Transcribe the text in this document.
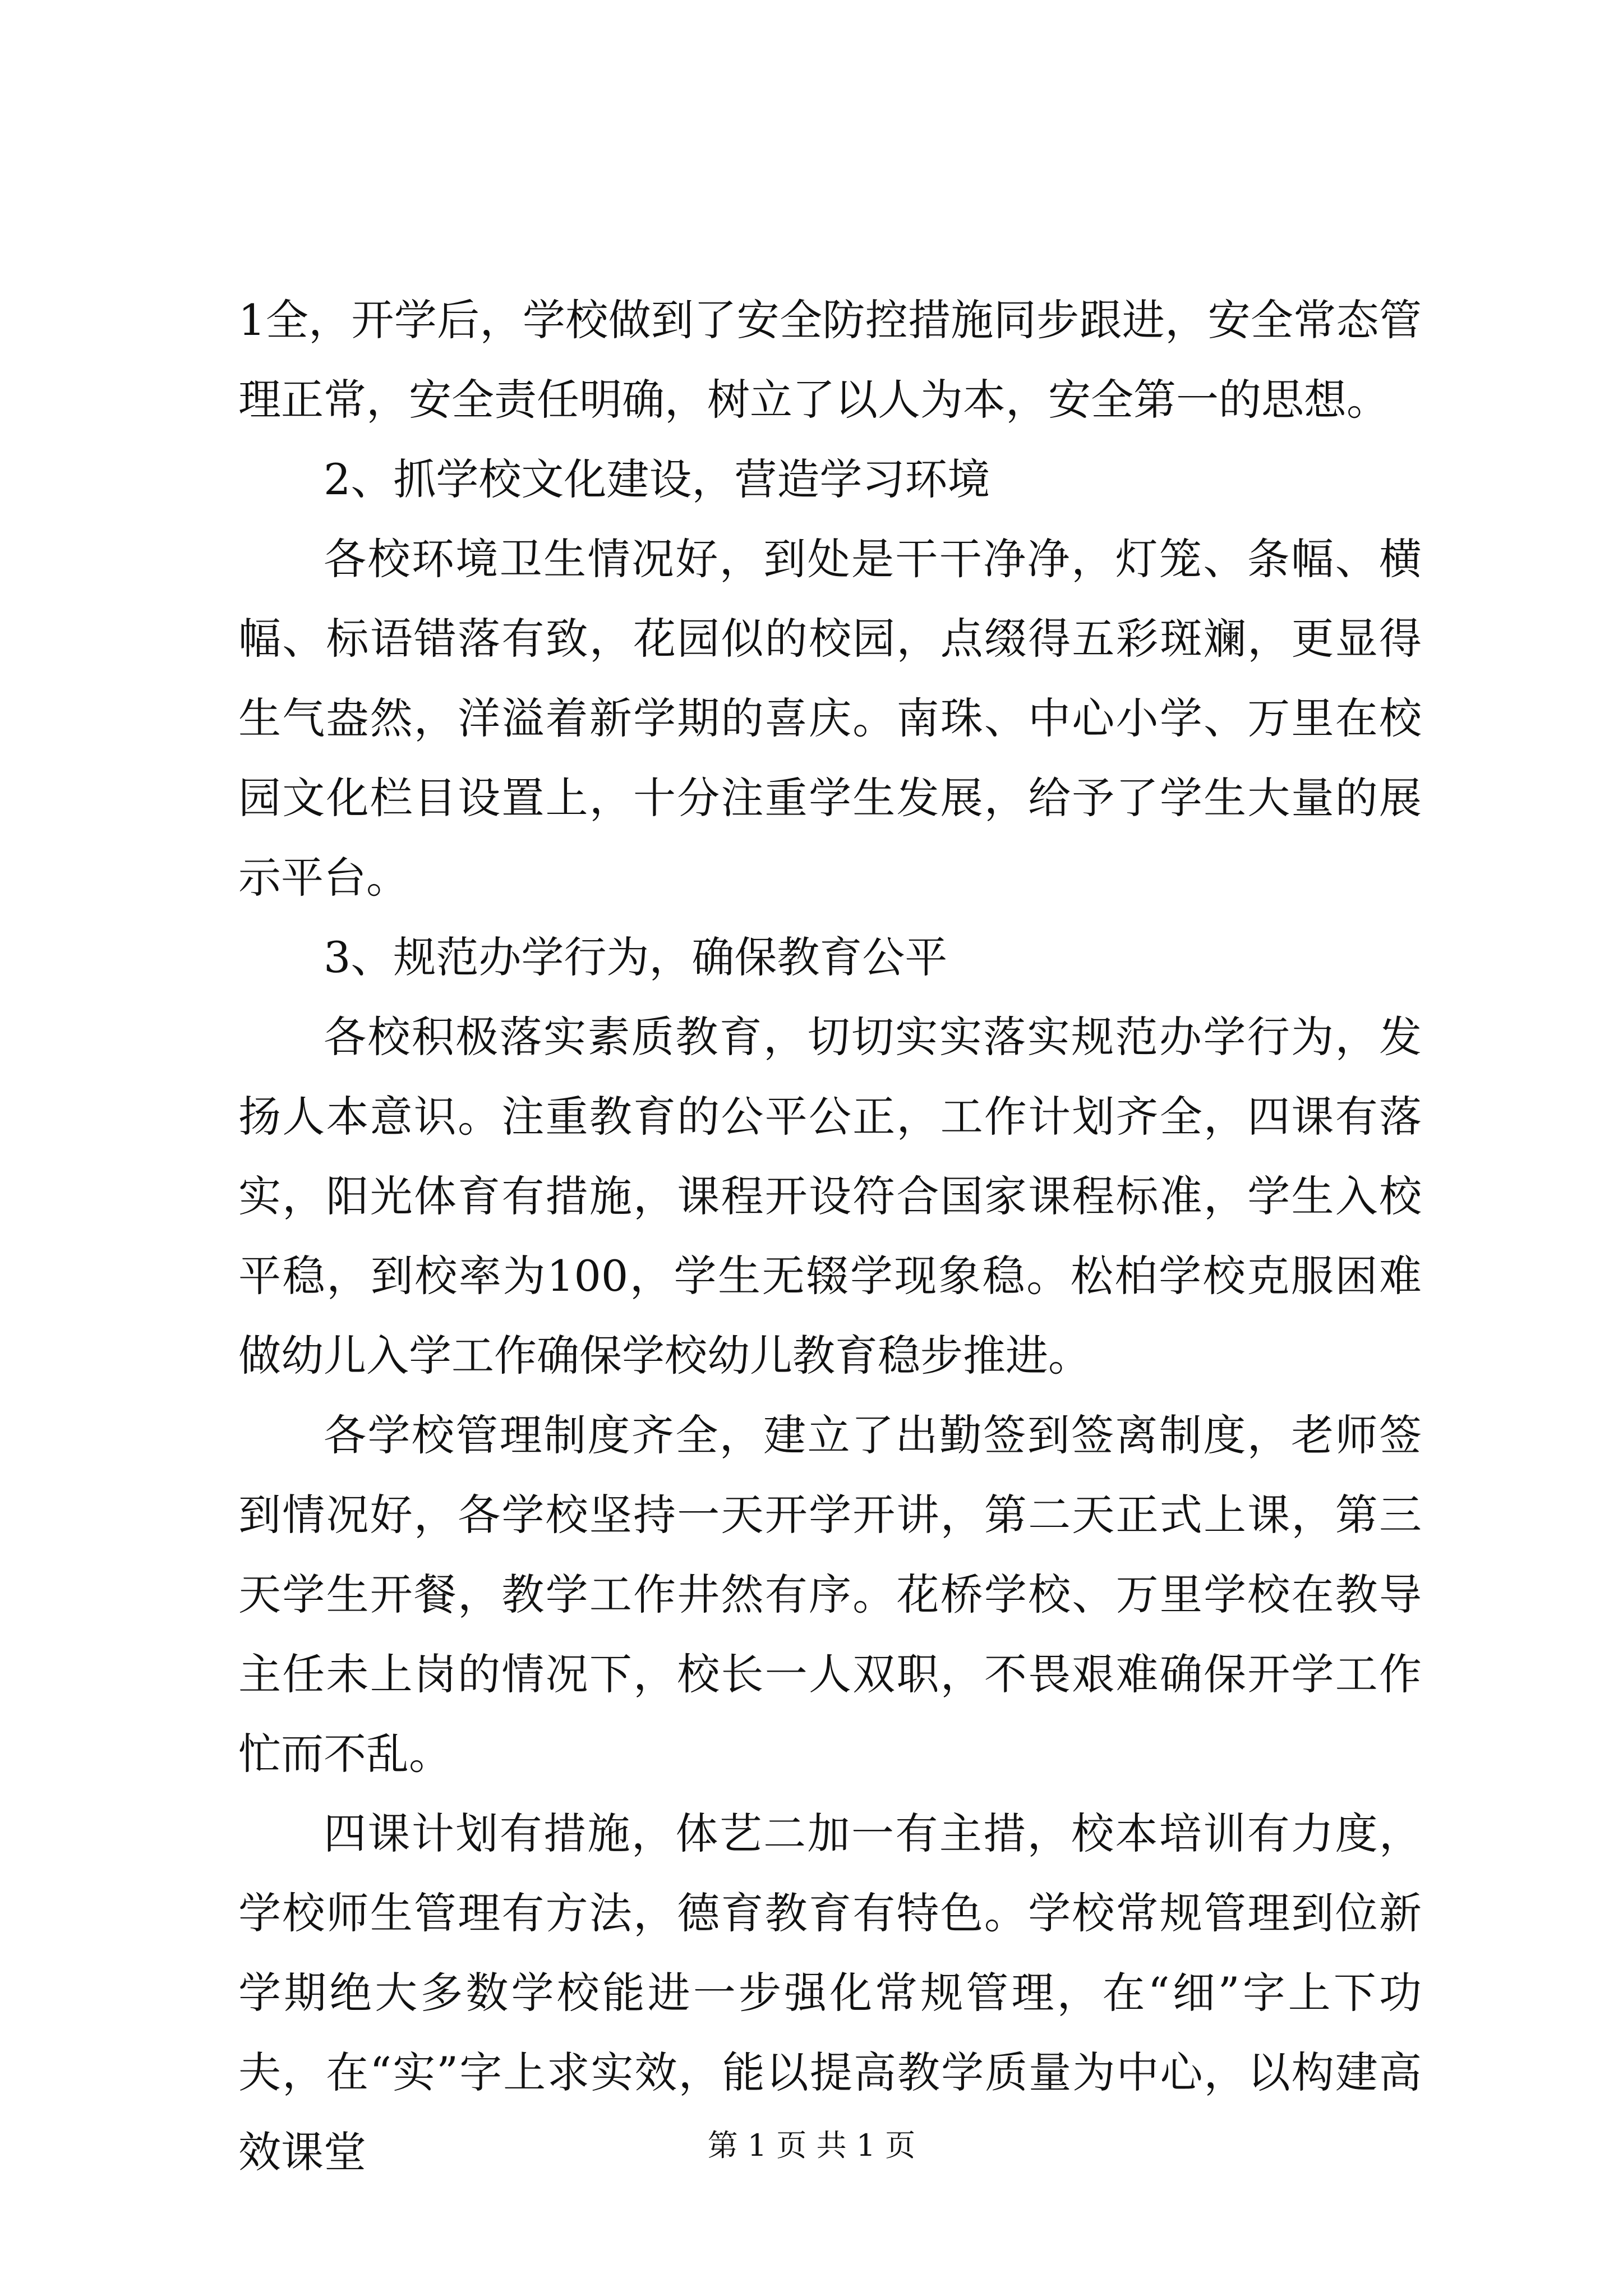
1全，开学后，学校做到了安全防控措施同步跟进，安全常态管理正常，安全责任明确，树立了以人为本，安全第一的思想。

2、抓学校文化建设，营造学习环境

各校环境卫生情况好，到处是干干净净，灯笼、条幅、横幅、标语错落有致，花园似的校园，点缀得五彩斑斓，更显得生气盎然，洋溢着新学期的喜庆。南珠、中心小学、万里在校园文化栏目设置上，十分注重学生发展，给予了学生大量的展示平台。

3、规范办学行为，确保教育公平

各校积极落实素质教育，切切实实落实规范办学行为，发扬人本意识。注重教育的公平公正，工作计划齐全，四课有落实，阳光体育有措施，课程开设符合国家课程标准，学生入校平稳，到校率为100，学生无辍学现象稳。松柏学校克服困难做幼儿入学工作确保学校幼儿教育稳步推进。

各学校管理制度齐全，建立了出勤签到签离制度，老师签到情况好，各学校坚持一天开学开讲，第二天正式上课，第三天学生开餐，教学工作井然有序。花桥学校、万里学校在教导主任未上岗的情况下，校长一人双职，不畏艰难确保开学工作忙而不乱。

四课计划有措施，体艺二加一有主措，校本培训有力度，学校师生管理有方法，德育教育有特色。学校常规管理到位新学期绝大多数学校能进一步强化常规管理，在“细”字上下功夫，在“实”字上求实效，能以提高教学质量为中心，以构建高效课堂	第 1 页 共 1 页
